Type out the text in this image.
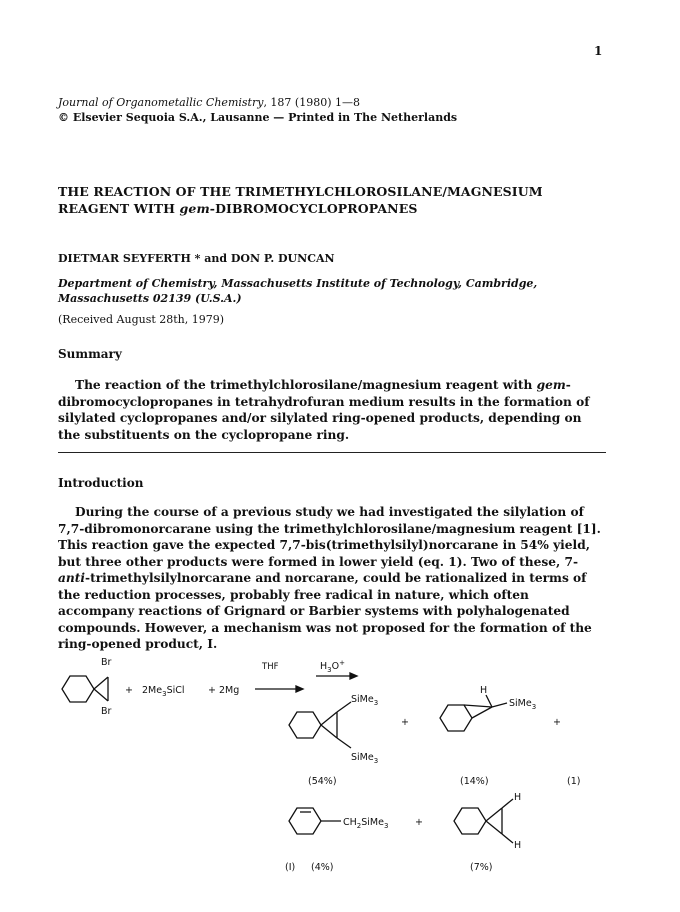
1
Journal of Organometallic Chemistry, 187 (1980) 1—8
© Elsevier Sequoia S.A., Lausanne — Printed in The Netherlands
THE REACTION OF THE TRIMETHYLCHLOROSILANE/MAGNESIUM
REAGENT WITH gem-DIBROMOCYCLOPROPANES
DIETMAR SEYFERTH * and DON P. DUNCAN
Department of Chemistry, Massachusetts Institute of Technology, Cambridge,
Massachusetts 02139 (U.S.A.)
(Received August 28th, 1979)
Summary
The reaction of the trimethylchlorosilane/magnesium reagent with gem-dibromocyclopropanes in tetrahydrofuran medium results in the formation of silylated cyclopropanes and/or silylated ring-opened products, depending on the substituents on the cyclopropane ring.
Introduction
During the course of a previous study we had investigated the silylation of 7,7-dibromonorcarane using the trimethylchlorosilane/magnesium reagent [1]. This reaction gave the expected 7,7-bis(trimethylsilyl)norcarane in 54% yield, but three other products were formed in lower yield (eq. 1). Two of these, 7-anti-trimethylsilylnorcarane and norcarane, could be rationalized in terms of the reduction processes, probably free radical in nature, which often accompany reactions of Grignard or Barbier systems with polyhalogenated compounds. However, a mechanism was not proposed for the formation of the ring-opened product, I.
Br
Br
+ $2Me_3SiCl + 2Mg$
THF	$H_3O^+$
SiMe$_3$
SiMe$_3$
(54%)
+
H
SiMe$_3$
+
(14%)	(1)
$CH_2SiMe_3$	+
H
H
(I) (4%)	(7%)
